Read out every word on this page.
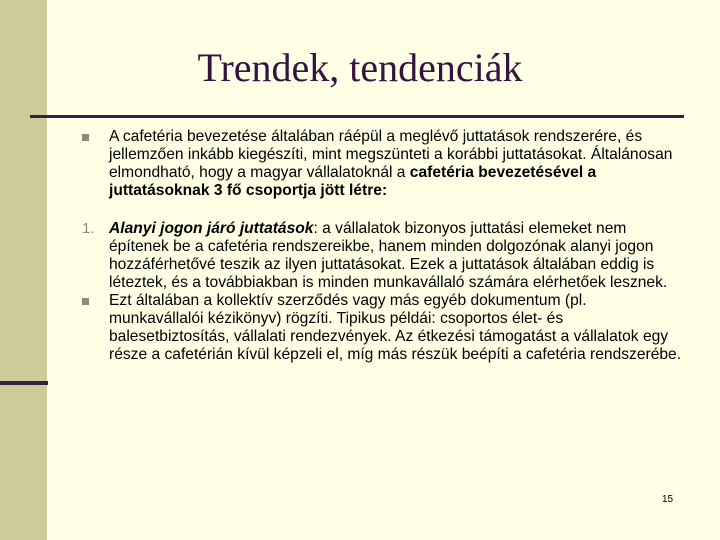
Trendek, tendenciák
A cafetéria bevezetése általában ráépül a meglévő juttatások rendszerére, és jellemzően inkább kiegészíti, mint megszünteti a korábbi juttatásokat. Általánosan elmondható, hogy a magyar vállalatoknál a cafetéria bevezetésével a juttatásoknak 3 fő csoportja jött létre:
1. Alanyi jogon járó juttatások: a vállalatok bizonyos juttatási elemeket nem építenek be a cafetéria rendszereikbe, hanem minden dolgozónak alanyi jogon hozzáférhetővé teszik az ilyen juttatásokat. Ezek a juttatások általában eddig is léteztek, és a továbbiakban is minden munkavállaló számára elérhetőek lesznek.
Ezt általában a kollektív szerződés vagy más egyéb dokumentum (pl. munkavállalói kézikönyv) rögzíti. Tipikus példái: csoportos élet- és balesetbiztosítás, vállalati rendezvények. Az étkezési támogatást a vállalatok egy része a cafetérián kívül képzeli el, míg más részük beépíti a cafetéria rendszerébe.
15
